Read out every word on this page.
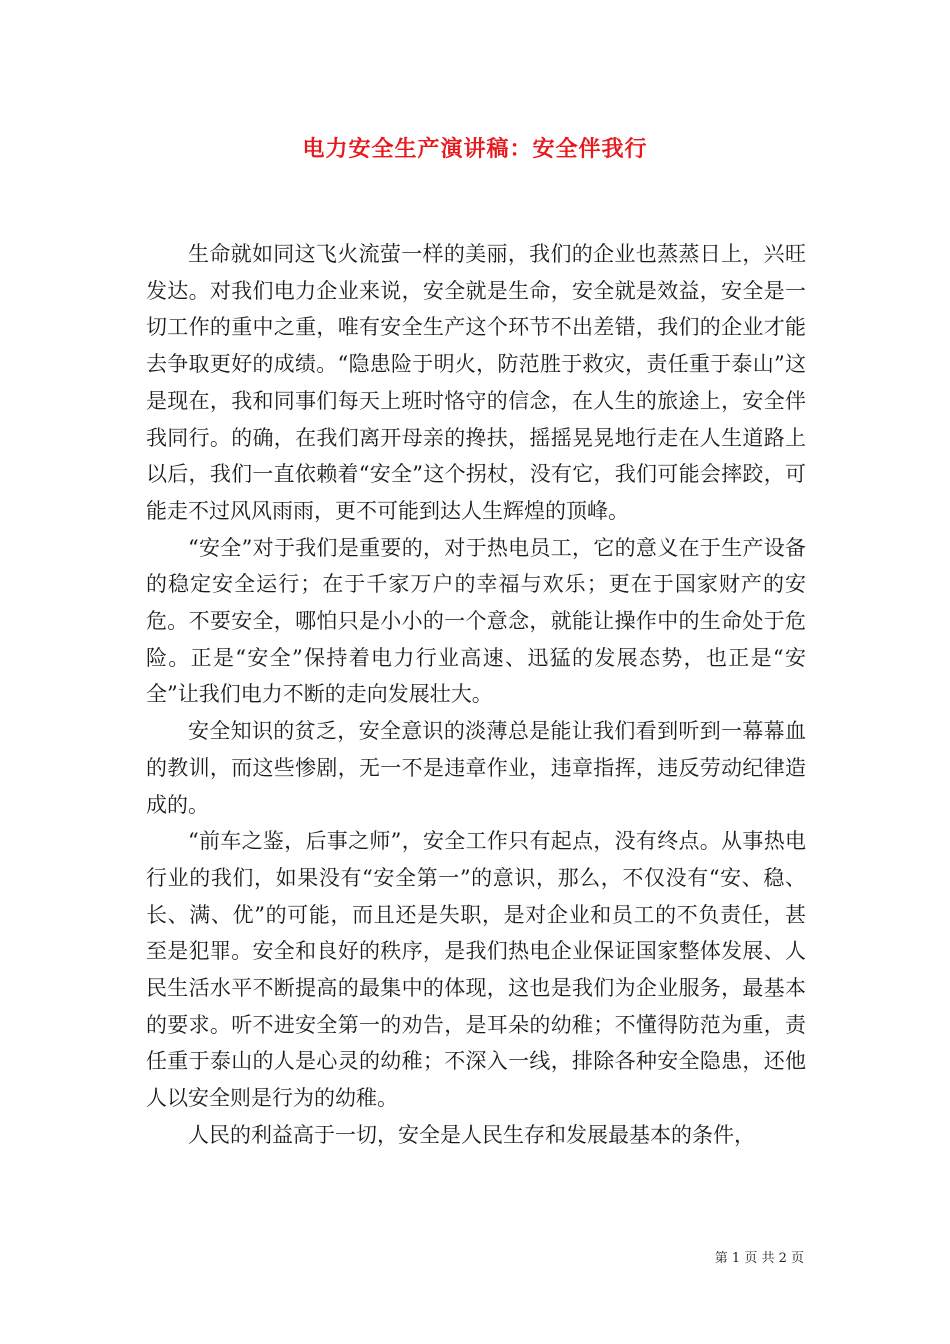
电力安全生产演讲稿：安全伴我行

生命就如同这飞火流萤一样的美丽，我们的企业也蒸蒸日上，兴旺发达。对我们电力企业来说，安全就是生命，安全就是效益，安全是一切工作的重中之重，唯有安全生产这个环节不出差错，我们的企业才能去争取更好的成绩。“隐患险于明火，防范胜于救灾，责任重于泰山”这是现在，我和同事们每天上班时恪守的信念，在人生的旅途上，安全伴我同行。的确，在我们离开母亲的搀扶，摇摇晃晃地行走在人生道路上以后，我们一直依赖着“安全”这个拐杖，没有它，我们可能会摔跤，可能走不过风风雨雨，更不可能到达人生辉煌的顶峰。

“安全”对于我们是重要的，对于热电员工，它的意义在于生产设备的稳定安全运行；在于千家万户的幸福与欢乐；更在于国家财产的安危。不要安全，哪怕只是小小的一个意念，就能让操作中的生命处于危险。正是“安全”保持着电力行业高速、迅猛的发展态势，也正是“安全”让我们电力不断的走向发展壮大。

安全知识的贫乏，安全意识的淡薄总是能让我们看到听到一幕幕血的教训，而这些惨剧，无一不是违章作业，违章指挥，违反劳动纪律造成的。

“前车之鉴，后事之师”，安全工作只有起点，没有终点。从事热电行业的我们，如果没有“安全第一”的意识，那么，不仅没有“安、稳、长、满、优”的可能，而且还是失职，是对企业和员工的不负责任，甚至是犯罪。安全和良好的秩序，是我们热电企业保证国家整体发展、人民生活水平不断提高的最集中的体现，这也是我们为企业服务，最基本的要求。听不进安全第一的劝告，是耳朵的幼稚；不懂得防范为重，责任重于泰山的人是心灵的幼稚；不深入一线，排除各种安全隐患，还他人以安全则是行为的幼稚。

人民的利益高于一切，安全是人民生存和发展最基本的条件，

第 1 页 共 2 页
